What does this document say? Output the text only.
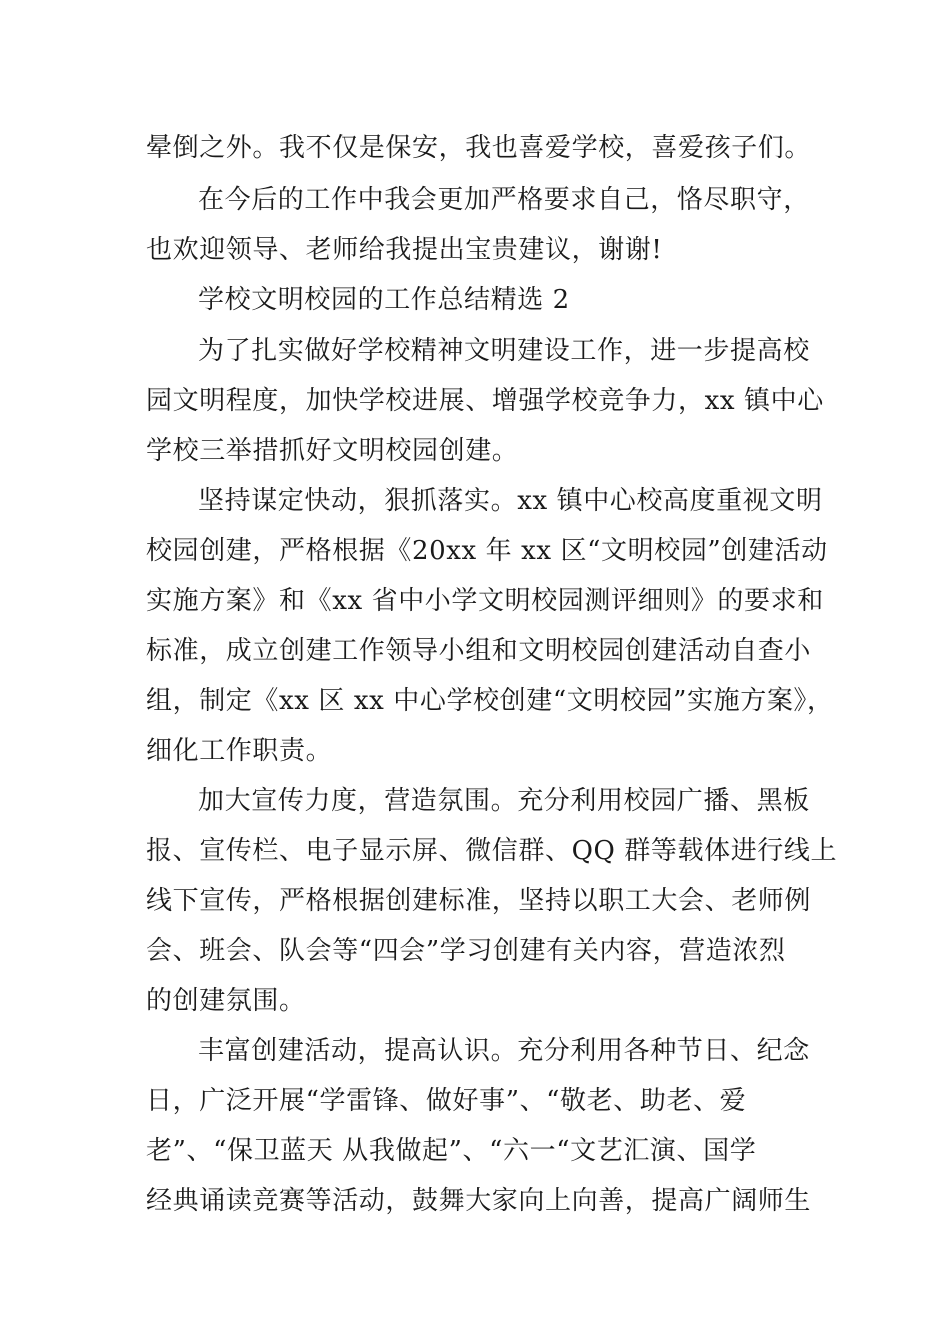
晕倒之外。我不仅是保安，我也喜爱学校，喜爱孩子们。
在今后的工作中我会更加严格要求自己，恪尽职守，
也欢迎领导、老师给我提出宝贵建议，谢谢!
学校文明校园的工作总结精选 2
为了扎实做好学校精神文明建设工作，进一步提高校
园文明程度，加快学校进展、增强学校竞争力，xx 镇中心
学校三举措抓好文明校园创建。
坚持谋定快动，狠抓落实。xx 镇中心校高度重视文明
校园创建，严格根据《20xx 年 xx 区“文明校园”创建活动
实施方案》和《xx 省中小学文明校园测评细则》的要求和
标准，成立创建工作领导小组和文明校园创建活动自查小
组，制定《xx 区 xx 中心学校创建“文明校园”实施方案》，
细化工作职责。
加大宣传力度，营造氛围。充分利用校园广播、黑板
报、宣传栏、电子显示屏、微信群、QQ 群等载体进行线上
线下宣传，严格根据创建标准，坚持以职工大会、老师例
会、班会、队会等“四会”学习创建有关内容，营造浓烈
的创建氛围。
丰富创建活动，提高认识。充分利用各种节日、纪念
日，广泛开展“学雷锋、做好事”、“敬老、助老、爱
老”、“保卫蓝天 从我做起”、“六一“文艺汇演、国学
经典诵读竞赛等活动，鼓舞大家向上向善，提高广阔师生
